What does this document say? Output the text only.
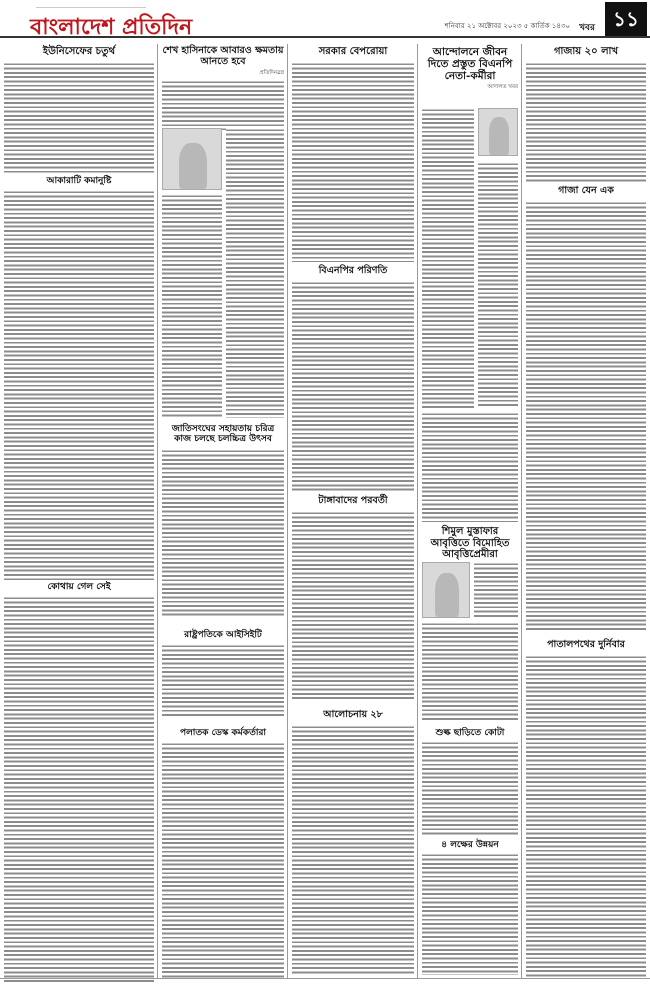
বাংলাদেশ প্রতিদিন	শনিবার ২১ অক্টোবর ২০২৩ ৫ কার্তিক ১৪৩০	খবর ১১
ইউনিসেফের চতুর্থ
আকারাটি কমানুষ্টি
কোথায় গেল সেই
শেখ হাসিনাকে আবারও ক্ষমতায় আনতে হবে
প্রতিদিনস্লগ্ন
জাতিসংঘের সহায়তায় চরিত্র কাজ চলছে চলচ্চিত্র উৎসব
রাষ্ট্রপতিকে আইসিইটি
পলাতক ডেস্ক কর্মকর্তারা
সরকার বেপরোয়া
বিএনপির পরিণতি
টাঙ্গাবাদের পরবর্তী
আলোচনায় ২৮
আন্দোলনে জীবন দিতে প্রস্তুত বিএনপি নেতা-কর্মীরা
আদালত খবর
শিমুল মুস্তাফার আবৃত্তিতে বিমোহিত আবৃত্তিপ্রেমীরা
শুল্ক ছাড়িতে কোটা
৪ লক্ষের উন্নয়ন
গাজায় ২০ লাখ
গাজা যেন এক
পাতালপথের দুর্নিবার
